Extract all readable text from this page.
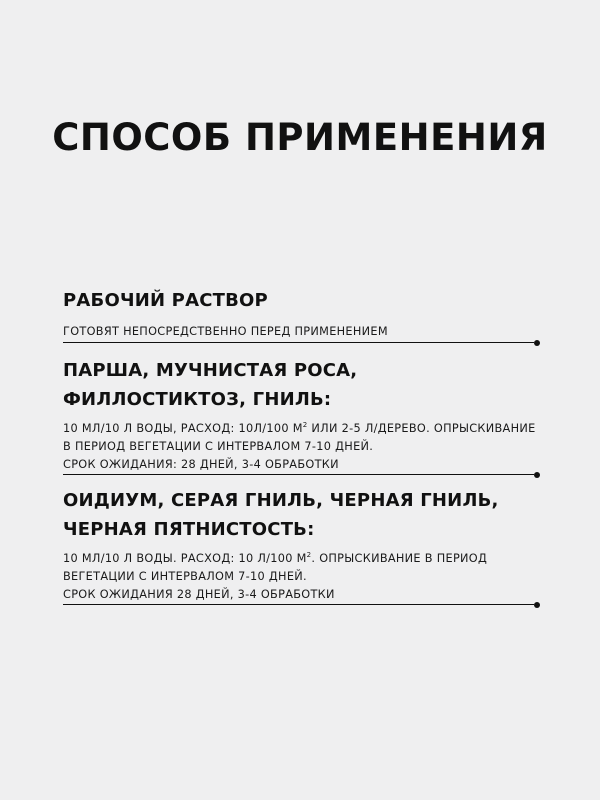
СПОСОБ ПРИМЕНЕНИЯ

РАБОЧИЙ РАСТВОР

ГОТОВЯТ НЕПОСРЕДСТВЕННО ПЕРЕД ПРИМЕНЕНИЕМ

ПАРША, МУЧНИСТАЯ РОСА,
ФИЛЛОСТИКТОЗ, ГНИЛЬ:

10 МЛ/10 Л ВОДЫ, РАСХОД: 10Л/100 $М^2$ ИЛИ 2-5 Л/ДЕРЕВО. ОПРЫСКИВАНИЕ
В ПЕРИОД ВЕГЕТАЦИИ С ИНТЕРВАЛОМ 7-10 ДНЕЙ.
СРОК ОЖИДАНИЯ: 28 ДНЕЙ, 3-4 ОБРАБОТКИ

ОИДИУМ, СЕРАЯ ГНИЛЬ, ЧЕРНАЯ ГНИЛЬ,
ЧЕРНАЯ ПЯТНИСТОСТЬ:

10 МЛ/10 Л ВОДЫ. РАСХОД: 10 Л/100 $М^2$. ОПРЫСКИВАНИЕ В ПЕРИОД
ВЕГЕТАЦИИ С ИНТЕРВАЛОМ 7-10 ДНЕЙ.
СРОК ОЖИДАНИЯ 28 ДНЕЙ, 3-4 ОБРАБОТКИ
